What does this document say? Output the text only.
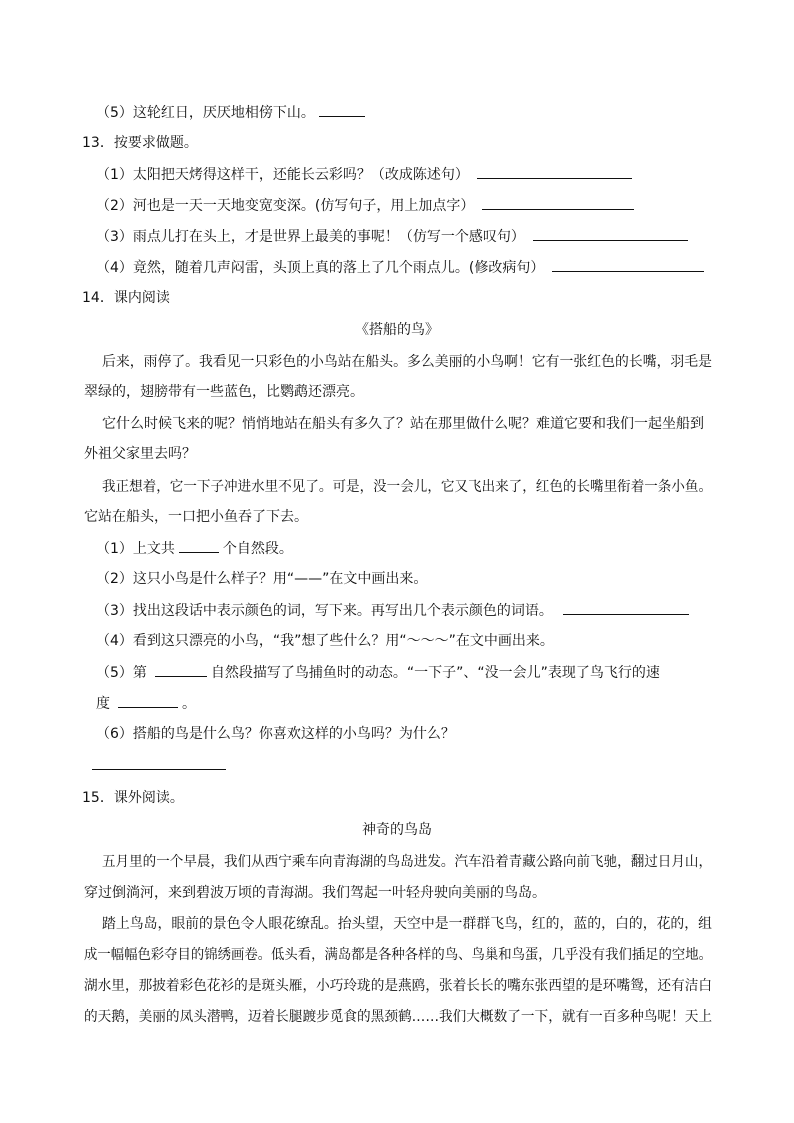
（5）这轮红日，厌厌地相傍下山。
13．按要求做题。
（1）太阳把天烤得这样干，还能长云彩吗？（改成陈述句）
（2）河也是一天一天地变宽变深。(仿写句子，用上加点字）
（3）雨点儿打在头上，才是世界上最美的事呢！（仿写一个感叹句）
（4）竟然，随着几声闷雷，头顶上真的落上了几个雨点儿。(修改病句）
14．课内阅读
《搭船的鸟》
后来，雨停了。我看见一只彩色的小鸟站在船头。多么美丽的小鸟啊！它有一张红色的长嘴，羽毛是
翠绿的，翅膀带有一些蓝色，比鹦鹉还漂亮。
它什么时候飞来的呢？悄悄地站在船头有多久了？站在那里做什么呢？难道它要和我们一起坐船到
外祖父家里去吗？
我正想着，它一下子冲进水里不见了。可是，没一会儿，它又飞出来了，红色的长嘴里衔着一条小鱼。
它站在船头，一口把小鱼吞了下去。
（1）上文共	个自然段。
（2）这只小鸟是什么样子？用“——”在文中画出来。
（3）找出这段话中表示颜色的词，写下来。再写出几个表示颜色的词语。
（4）看到这只漂亮的小鸟，“我”想了些什么？用“～～～”在文中画出来。
（5）第	自然段描写了鸟捕鱼时的动态。“一下子”、“没一会儿”表现了鸟飞行的速
度	。
（6）搭船的鸟是什么鸟？你喜欢这样的小鸟吗？为什么？
15．课外阅读。
神奇的鸟岛
五月里的一个早晨，我们从西宁乘车向青海湖的鸟岛进发。汽车沿着青藏公路向前飞驰，翻过日月山，
穿过倒淌河，来到碧波万顷的青海湖。我们驾起一叶轻舟驶向美丽的鸟岛。
踏上鸟岛，眼前的景色令人眼花缭乱。抬头望，天空中是一群群飞鸟，红的，蓝的，白的，花的，组
成一幅幅色彩夺目的锦绣画卷。低头看，满岛都是各种各样的鸟、鸟巢和鸟蛋，几乎没有我们插足的空地。
湖水里，那披着彩色花衫的是斑头雁，小巧玲珑的是燕鸥，张着长长的嘴东张西望的是环嘴鸳，还有洁白
的天鹅，美丽的凤头潜鸭，迈着长腿踱步觅食的黑颈鹤……我们大概数了一下，就有一百多种鸟呢！天上
